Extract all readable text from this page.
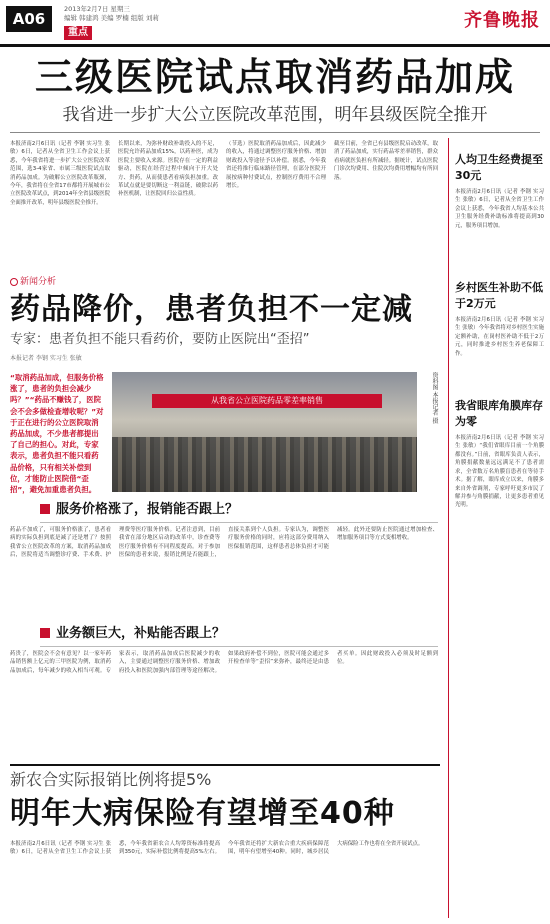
A06
2013年2月7日 星期三
编辑 韩建鸿 美编 罗楠 组版 刘莉
重点
齐鲁晚报
三级医院试点取消药品加成
我省进一步扩大公立医院改革范围，明年县级医院全推开
本报济南2月6日讯（记者 李钢 实习生 张敏）6日，记者从全省卫生工作会议上获悉，今年我省将进一步扩大公立医院改革范围，选3-4家省、市属三级医院试点取消药品加成。为破解公立医院改革瓶颈，今年，我省将在全省17市都将开展城市公立医院改革试点，到2014年全省县级医院全面推开改革，明年县级医院全推开。
长期以来，为弥补财政补助投入的不足，医院允许药品加成15%，以药补医，成为医院主要收入来源。医院存在一定的利益驱动，医院在经营过程中倾向于开大处方、贵药，从而使患者看病负担加重。改革试点就是要切断这一利益链，破除以药补医机制，让医院回归公益性质。
（节选）医院取消药品加成后，因此减少的收入，将通过调整医疗服务价格、增加财政投入等途径予以补偿。据悉，今年我省还将推行临床路径管理，在部分医院开展按病种付费试点，控制医疗费用不合理增长。
截至目前，全省已有县级医院启动改革，取消了药品加成，实行药品零差率销售，群众看病就医负担有所减轻。据统计，试点医院门诊次均费用、住院次均费用增幅均有所回落。
新闻分析
药品降价，患者负担不一定减
专家：患者负担不能只看药价，要防止医院出“歪招”
本报记者 李钢 实习生 张敏
“取消药品加成，但服务价格涨了，患者的负担会减少吗？”“药品不赚钱了，医院会不会多做检查增收呢？”对于正在进行的公立医院取消药品加成，不少患者都提出了自己的担心。对此，专家表示，患者负担不能只看药品价格，只有相关补偿到位，才能防止医院借“歪招”，避免加重患者负担。
从我省公立医院药品零差率销售	资料图 本报记者 摄
服务价格涨了，报销能否跟上？
药品不加成了，可服务价格涨了，患者看病的实际负担到底是减了还是增了？按照我省公立医院改革的方案，取消药品加成后，医院将适当调整诊疗费、手术费、护理费等医疗服务价格。记者注意到，目前我省在部分地区启动的改革中，诊查费等医疗服务价格有不同程度提高。对于参加医保的患者来说，报销比例是否能跟上，直接关系到个人负担。专家认为，调整医疗服务价格的同时，应将这部分费用纳入医保报销范围，这样患者总体负担才可能减轻。此外还要防止医院通过增加检查、增加服务项目等方式变相增收。
业务额巨大，补贴能否跟上？
药贵了，医院会不会有意见？以一家年药品销售额上亿元的三甲医院为例，取消药品加成后，每年减少的收入相当可观。专家表示，取消药品加成后医院减少的收入，主要通过调整医疗服务价格、增加政府投入和医院加强内部管理等途径解决。如果政府补偿不到位，医院可能会通过多开检查单等“歪招”来弥补，最终还是由患者买单。因此财政投入必须及时足额到位。
新农合实际报销比例将提5%
明年大病保险有望增至40种
本报济南2月6日讯（记者 李钢 实习生 张敏）6日，记者从全省卫生工作会议上获悉，今年我省新农合人均筹资标准将提高到350元，实际补偿比例将提高5%左右。今年我省还将扩大新农合重大疾病保障范围，明年有望增至40种。同时，城乡居民大病保险工作也将在全省开展试点。
人均卫生经费提至30元
本报济南2月6日讯（记者 李钢 实习生 张敏）6日，记者从全省卫生工作会议上获悉，今年我省人均基本公共卫生服务经费补助标准将提高到30元，服务项目增加。
乡村医生补助不低于2万元
本报济南2月6日讯（记者 李钢 实习生 张敏）今年我省将对乡村医生实施定额补助，在岗村医补助不低于2万元，同时推进乡村医生养老保障工作。
我省眼库角膜库存为零
本报济南2月6日讯（记者 李钢 实习生 张敏）“我们省眼库目前一个角膜都没有。”日前，省眼库负责人表示，角膜捐献数量远远满足不了患者需求，全省数万名角膜盲患者在等待手术。据了解，眼库成立以来，角膜多来自外省调剂，专家呼吁更多市民了解并参与角膜捐献，让更多患者重见光明。
